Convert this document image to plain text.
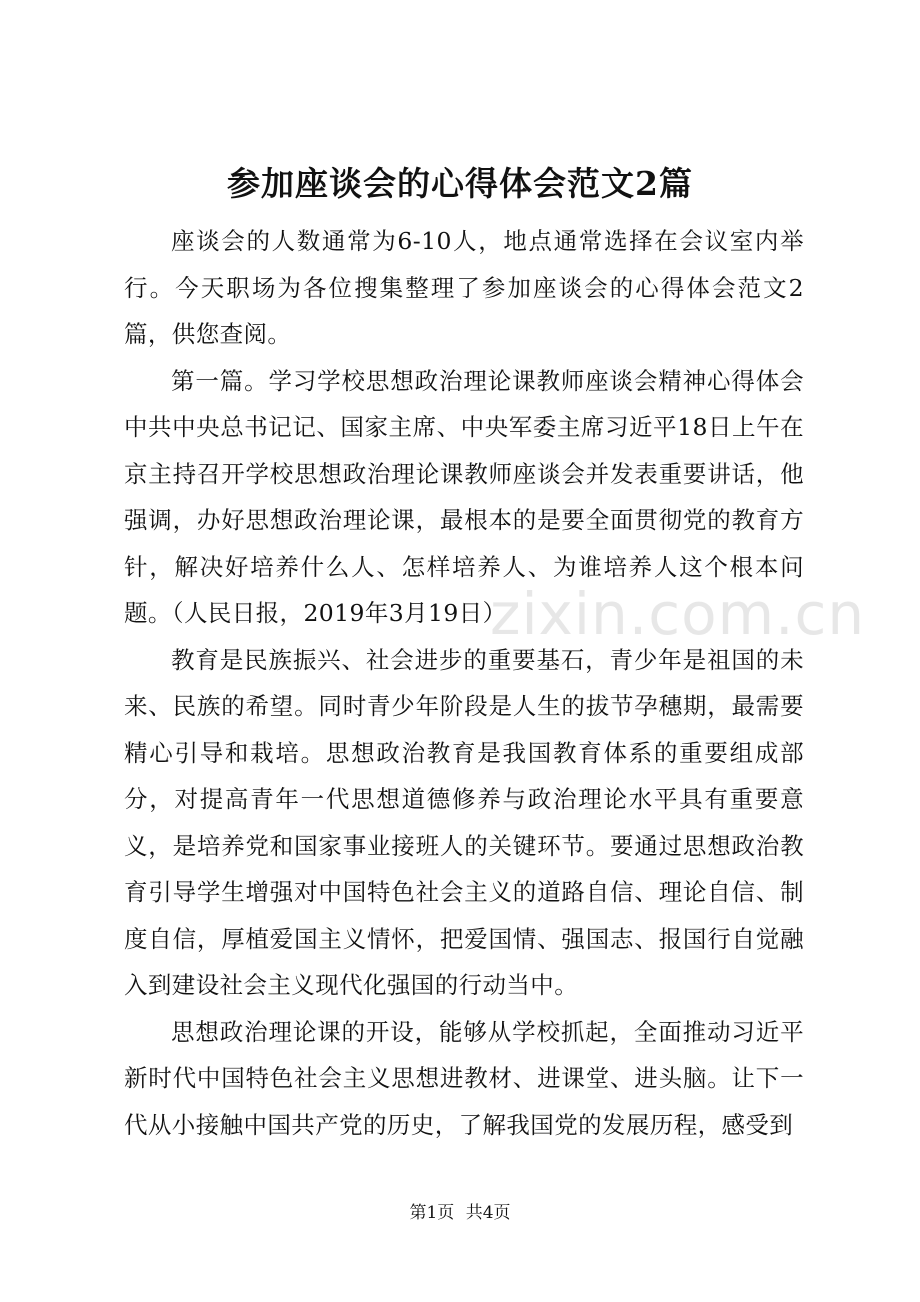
参加座谈会的心得体会范文2篇

座谈会的人数通常为6-10人，地点通常选择在会议室内举行。今天职场为各位搜集整理了参加座谈会的心得体会范文2篇，供您查阅。

第一篇。学习学校思想政治理论课教师座谈会精神心得体会中共中央总书记记、国家主席、中央军委主席习近平18日上午在京主持召开学校思想政治理论课教师座谈会并发表重要讲话，他强调，办好思想政治理论课，最根本的是要全面贯彻党的教育方针，解决好培养什么人、怎样培养人、为谁培养人这个根本问题。（人民日报，2019年3月19日）

教育是民族振兴、社会进步的重要基石，青少年是祖国的未来、民族的希望。同时青少年阶段是人生的拔节孕穗期，最需要精心引导和栽培。思想政治教育是我国教育体系的重要组成部分，对提高青年一代思想道德修养与政治理论水平具有重要意义，是培养党和国家事业接班人的关键环节。要通过思想政治教育引导学生增强对中国特色社会主义的道路自信、理论自信、制度自信，厚植爱国主义情怀，把爱国情、强国志、报国行自觉融入到建设社会主义现代化强国的行动当中。

思想政治理论课的开设，能够从学校抓起，全面推动习近平新时代中国特色社会主义思想进教材、进课堂、进头脑。让下一代从小接触中国共产党的历史，了解我国党的发展历程，感受到

zixin.com.cn
第1页 共4页
